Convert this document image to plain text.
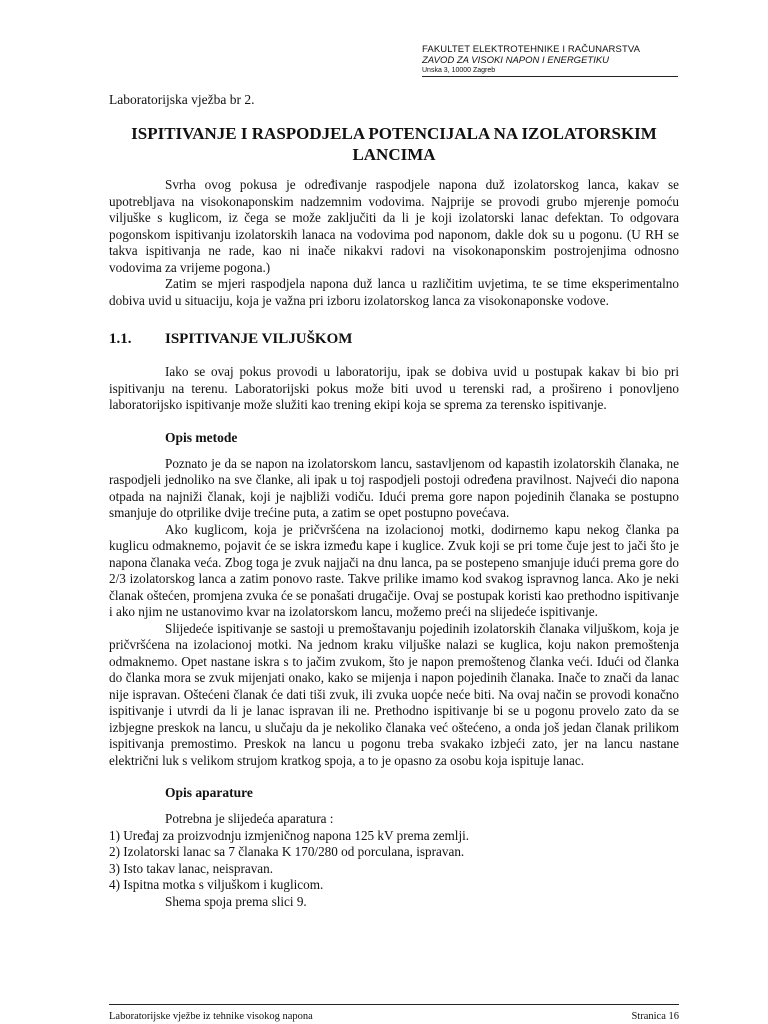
FAKULTET ELEKTROTEHNIKE I RAČUNARSTVA
ZAVOD ZA VISOKI NAPON I ENERGETIKU
Unska 3, 10000 Zagreb
Laboratorijska vježba br 2.
ISPITIVANJE I RASPODJELA POTENCIJALA NA IZOLATORSKIM LANCIMA

Svrha ovog pokusa je određivanje raspodjele napona duž izolatorskog lanca, kakav se upotrebljava na visokonaponskim nadzemnim vodovima. Najprije se provodi grubo mjerenje pomoću viljuške s kuglicom, iz čega se može zaključiti da li je koji izolatorski lanac defektan. To odgovara pogonskom ispitivanju izolatorskih lanaca na vodovima pod naponom, dakle dok su u pogonu. (U RH se takva ispitivanja ne rade, kao ni inače nikakvi radovi na visokonaponskim postrojenjima odnosno vodovima za vrijeme pogona.)

Zatim se mjeri raspodjela napona duž lanca u različitim uvjetima, te se time eksperimentalno dobiva uvid u situaciju, koja je važna pri izboru izolatorskog lanca za visokonaponske vodove.

1.1.	ISPITIVANJE VILJUŠKOM

Iako se ovaj pokus provodi u laboratoriju, ipak se dobiva uvid u postupak kakav bi bio pri ispitivanju na terenu. Laboratorijski pokus može biti uvod u terenski rad, a prošireno i ponovljeno laboratorijsko ispitivanje može služiti kao trening ekipi koja se sprema za terensko ispitivanje.

Opis metode

Poznato je da se napon na izolatorskom lancu, sastavljenom od kapastih izolatorskih članaka, ne raspodjeli jednoliko na sve članke, ali ipak u toj raspodjeli postoji određena pravilnost. Najveći dio napona otpada na najniži članak, koji je najbliži vodiču. Idući prema gore napon pojedinih članaka se postupno smanjuje do otprilike dvije trećine puta, a zatim se opet postupno povećava.

Ako kuglicom, koja je pričvršćena na izolacionoj motki, dodirnemo kapu nekog članka pa kuglicu odmaknemo, pojavit će se iskra između kape i kuglice. Zvuk koji se pri tome čuje jest to jači što je napona članaka veća. Zbog toga je zvuk najjači na dnu lanca, pa se postepeno smanjuje idući prema gore do 2/3 izolatorskog lanca a zatim ponovo raste. Takve prilike imamo kod svakog ispravnog lanca. Ako je neki članak oštećen, promjena zvuka će se ponašati drugačije. Ovaj se postupak koristi kao prethodno ispitivanje i ako njim ne ustanovimo kvar na izolatorskom lancu, možemo preći na slijedeće ispitivanje.

Slijedeće ispitivanje se sastoji u premoštavanju pojedinih izolatorskih članaka viljuškom, koja je pričvršćena na izolacionoj motki. Na jednom kraku viljuške nalazi se kuglica, koju nakon premoštenja odmaknemo. Opet nastane iskra s to jačim zvukom, što je napon premoštenog članka veći. Idući od članka do članka mora se zvuk mijenjati onako, kako se mijenja i napon pojedinih članaka. Inače to znači da lanac nije ispravan. Oštećeni članak će dati tiši zvuk, ili zvuka uopće neće biti. Na ovaj način se provodi konačno ispitivanje i utvrdi da li je lanac ispravan ili ne. Prethodno ispitivanje bi se u pogonu provelo zato da se izbjegne preskok na lancu, u slučaju da je nekoliko članaka već oštećeno, a onda još jedan članak prilikom ispitivanja premostimo. Preskok na lancu u pogonu treba svakako izbjeći zato, jer na lancu nastane električni luk s velikom strujom kratkog spoja, a to je opasno za osobu koja ispituje lanac.

Opis aparature
Potrebna je slijedeća aparatura :
1) Uređaj za proizvodnju izmjeničnog napona 125 kV prema zemlji.
2) Izolatorski lanac sa 7 članaka K 170/280 od porculana, ispravan.
3) Isto takav lanac, neispravan.
4) Ispitna motka s viljuškom i kuglicom.
Shema spoja prema slici 9.
Laboratorijske vježbe iz tehnike visokog napona	Stranica 16
